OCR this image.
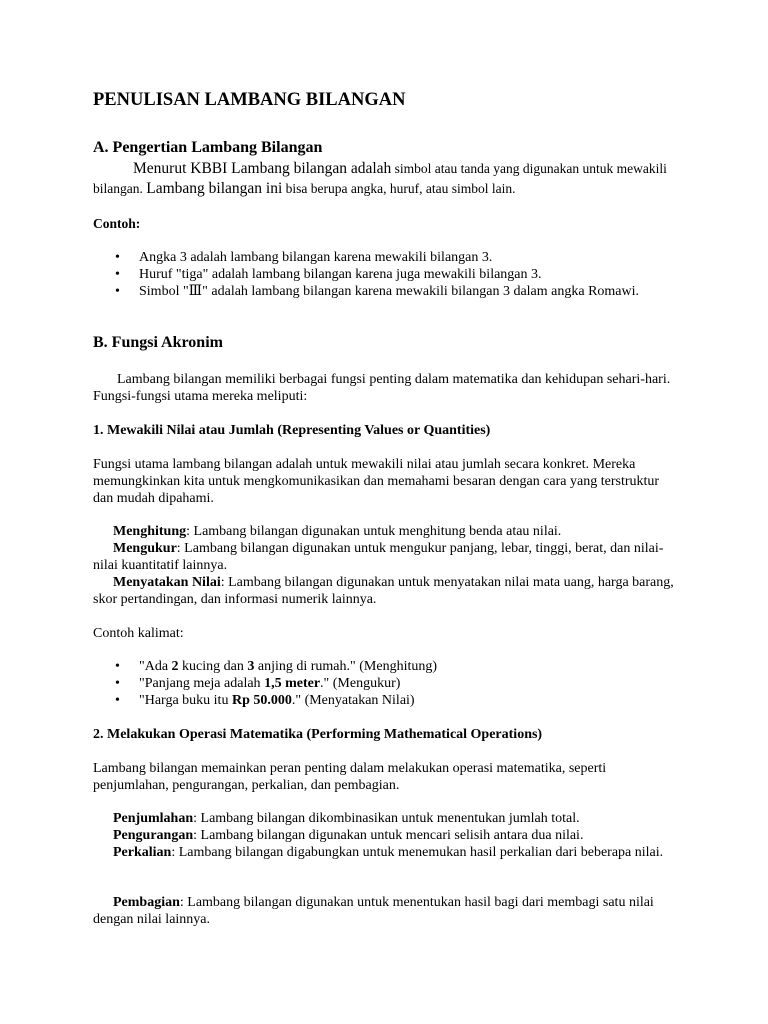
PENULISAN LAMBANG BILANGAN
A. Pengertian Lambang Bilangan
Menurut KBBI Lambang bilangan adalah simbol atau tanda yang digunakan untuk mewakili bilangan. Lambang bilangan ini bisa berupa angka, huruf, atau simbol lain.
Contoh:
• Angka 3 adalah lambang bilangan karena mewakili bilangan 3.
• Huruf "tiga" adalah lambang bilangan karena juga mewakili bilangan 3.
• Simbol "Ⅲ" adalah lambang bilangan karena mewakili bilangan 3 dalam angka Romawi.
B. Fungsi Akronim
Lambang bilangan memiliki berbagai fungsi penting dalam matematika dan kehidupan sehari-hari. Fungsi-fungsi utama mereka meliputi:
1. Mewakili Nilai atau Jumlah (Representing Values or Quantities)
Fungsi utama lambang bilangan adalah untuk mewakili nilai atau jumlah secara konkret. Mereka memungkinkan kita untuk mengkomunikasikan dan memahami besaran dengan cara yang terstruktur dan mudah dipahami.
Menghitung: Lambang bilangan digunakan untuk menghitung benda atau nilai.
Mengukur: Lambang bilangan digunakan untuk mengukur panjang, lebar, tinggi, berat, dan nilai-nilai kuantitatif lainnya.
Menyatakan Nilai: Lambang bilangan digunakan untuk menyatakan nilai mata uang, harga barang, skor pertandingan, dan informasi numerik lainnya.
Contoh kalimat:
• "Ada 2 kucing dan 3 anjing di rumah." (Menghitung)
• "Panjang meja adalah 1,5 meter." (Mengukur)
• "Harga buku itu Rp 50.000." (Menyatakan Nilai)
2. Melakukan Operasi Matematika (Performing Mathematical Operations)
Lambang bilangan memainkan peran penting dalam melakukan operasi matematika, seperti penjumlahan, pengurangan, perkalian, dan pembagian.
Penjumlahan: Lambang bilangan dikombinasikan untuk menentukan jumlah total.
Pengurangan: Lambang bilangan digunakan untuk mencari selisih antara dua nilai.
Perkalian: Lambang bilangan digabungkan untuk menemukan hasil perkalian dari beberapa nilai.
Pembagian: Lambang bilangan digunakan untuk menentukan hasil bagi dari membagi satu nilai dengan nilai lainnya.
